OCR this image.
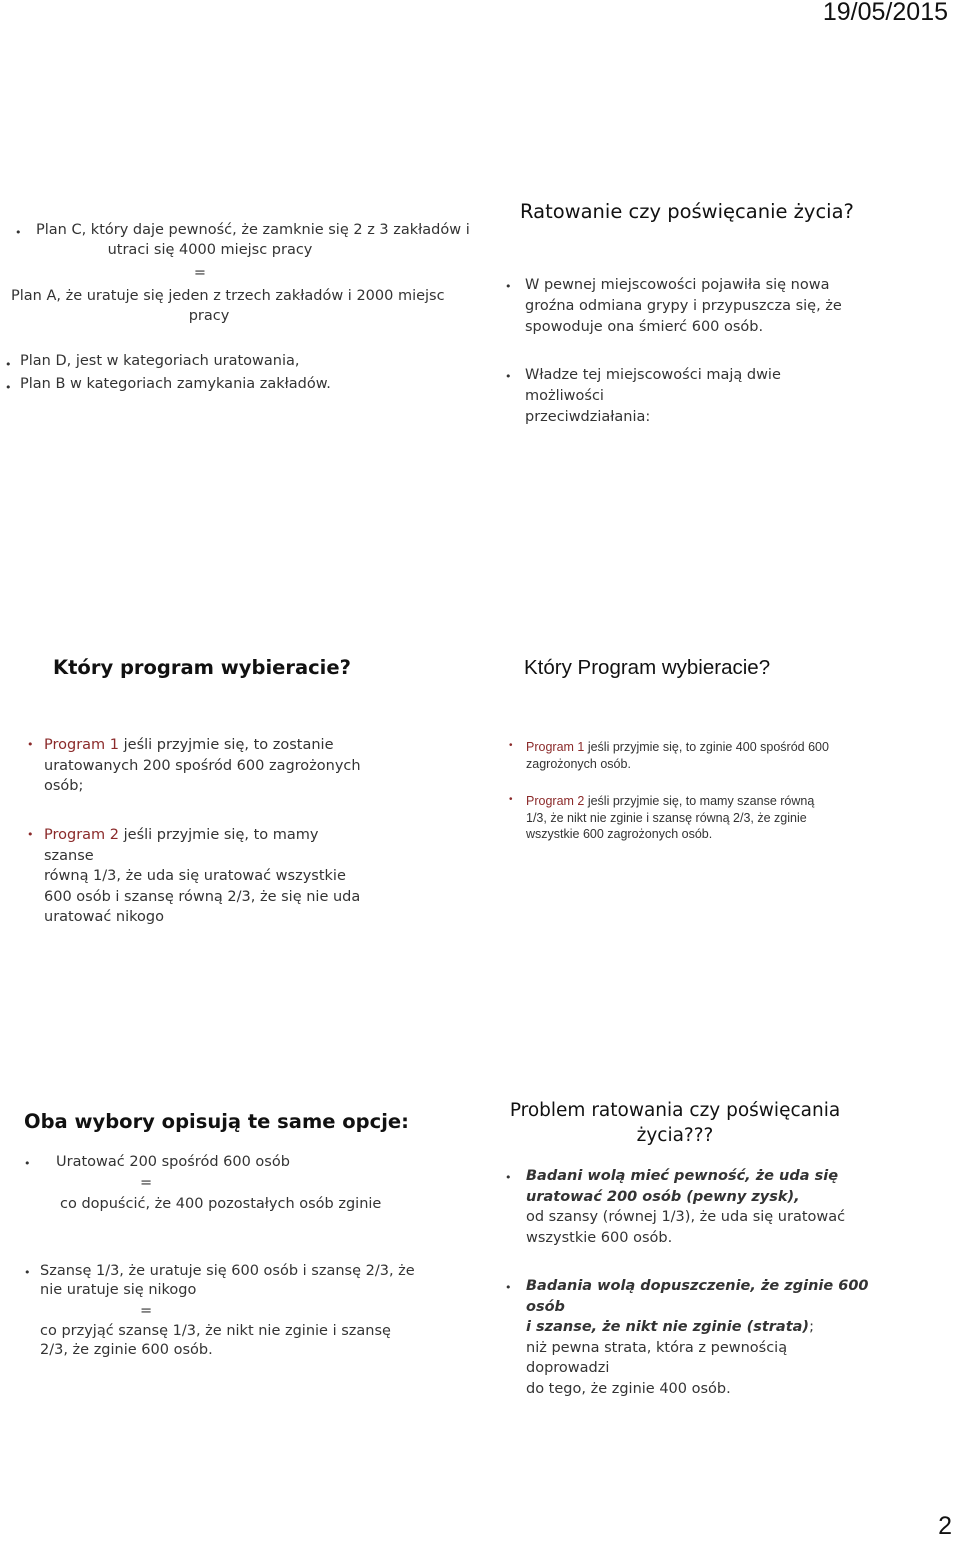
19/05/2015
2
• Plan C, który daje pewność, że zamknie się 2 z 3 zakładów i
utraci się 4000 miejsc pracy
=
Plan A, że uratuje się jeden z trzech zakładów i 2000 miejsc
pracy
• Plan D, jest w kategoriach uratowania,
• Plan B w kategoriach zamykania zakładów.
Ratowanie czy poświęcanie życia?
• W pewnej miejscowości pojawiła się nowa
groźna odmiana grypy i przypuszcza się, że
spowoduje ona śmierć 600 osób.
• Władze tej miejscowości mają dwie możliwości
przeciwdziałania:
Który program wybieracie?
• Program 1 jeśli przyjmie się, to zostanie
uratowanych 200 spośród 600 zagrożonych
osób;
• Program 2 jeśli przyjmie się, to mamy szanse
równą 1/3, że uda się uratować wszystkie
600 osób i szansę równą 2/3, że się nie uda
uratować nikogo
Który Program wybieracie?
• Program 1 jeśli przyjmie się, to zginie 400 spośród 600
zagrożonych osób.
• Program 2 jeśli przyjmie się, to mamy szanse równą
1/3, że nikt nie zginie i szansę równą 2/3, że zginie
wszystkie 600 zagrożonych osób.
Oba wybory opisują te same opcje:
• Uratować 200 spośród 600 osób
=
co dopuścić, że 400 pozostałych osób zginie
• Szansę 1/3, że uratuje się 600 osób i szansę 2/3, że
nie uratuje się nikogo
=
co przyjąć szansę 1/3, że nikt nie zginie i szansę
2/3, że zginie 600 osób.
Problem ratowania czy poświęcania
życia???
• Badani wolą mieć pewność, że uda się
uratować 200 osób (pewny zysk),
od szansy (równej 1/3), że uda się uratować
wszystkie 600 osób.
• Badania wolą dopuszczenie, że zginie 600 osób
i szanse, że nikt nie zginie (strata);
niż pewna strata, która z pewnością doprowadzi
do tego, że zginie 400 osób.
